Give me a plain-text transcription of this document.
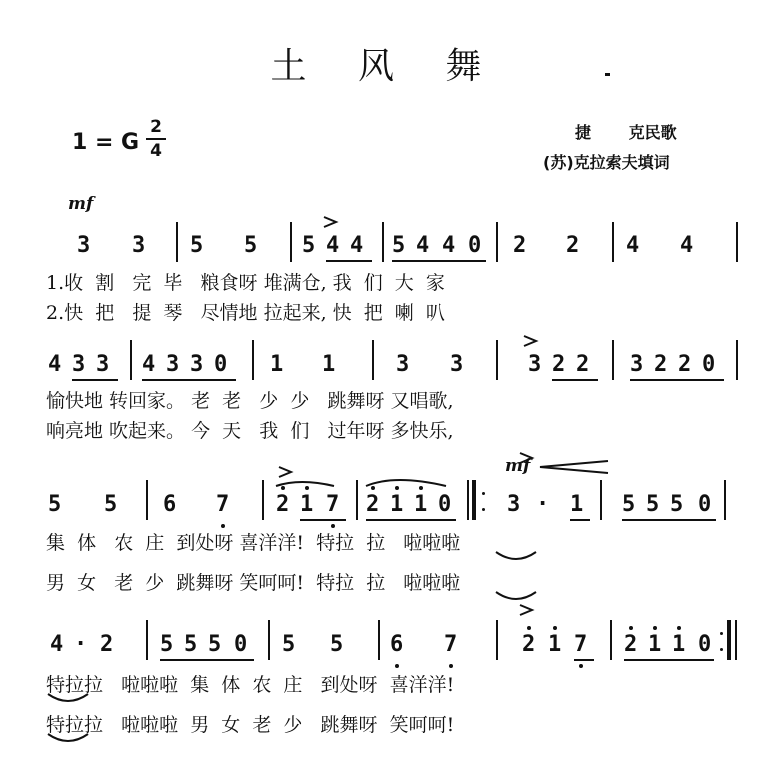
土 风 舞
1 = G
2
4
捷 克民歌
(苏)克拉索夫填词
mf
mf
3 3 5 5 5 4 4 5 4 4 0 2 2 4 4
1.收  割   完  毕   粮食呀 堆满仓, 我  们  大  家
2.快  把   提  琴   尽情地 拉起来, 快  把  喇  叭
4 3 3 4 3 3 0 1 1	3 3	3 2 2 3 2 2 0
愉快地 转回家。 老  老   少  少   跳舞呀 又唱歌,
响亮地 吹起来。 今  天   我  们   过年呀 多快乐,
5 5 6 7 2 1 7 2 1 1 0	3 · 1 5 5 5 0
集  体   农  庄  到处呀 喜洋洋!  特拉  拉   啦啦啦
男  女   老  少  跳舞呀 笑呵呵!  特拉  拉   啦啦啦
4 · 2 5 5 5 0 5 5 6 7	2 1 7 2 1 1 0
特拉拉   啦啦啦  集  体  农  庄   到处呀  喜洋洋!
特拉拉   啦啦啦  男  女  老  少   跳舞呀  笑呵呵!
